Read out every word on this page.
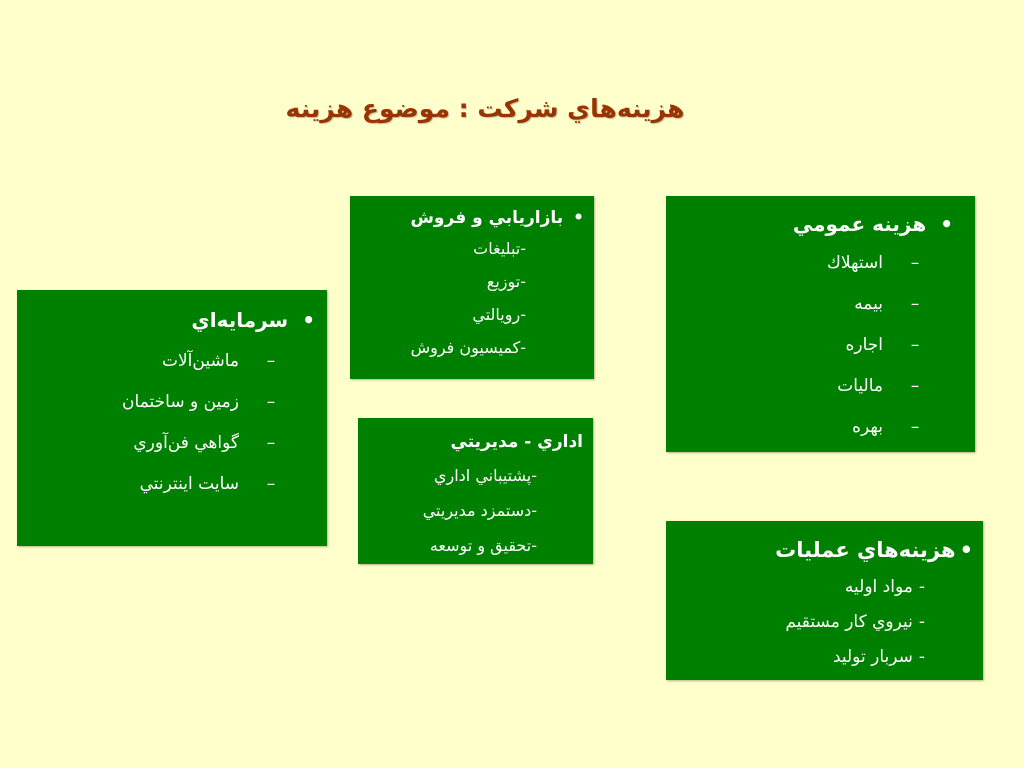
هزينه‌هاي شركت : موضوع هزينه
•
هزينه عمومي
–
استهلاك
–
بيمه
–
اجاره
–
ماليات
–
بهره
•
بازاريابي و فروش
-
تبليغات
-
توزيع
-
رويالتي
-
كميسيون فروش
•
سرمايه‌اي
–
ماشين‌آلات
–
زمين و ساختمان
–
گواهي فن‌آوري
–
سايت اينترنتي
اداري - مديريتي
-
پشتيباني اداري
-
دستمزد مديريتي
-
تحقيق و توسعه	•
هزينه‌هاي عمليات
-
مواد اوليه
-
نيروي كار مستقيم
-
سربار توليد
